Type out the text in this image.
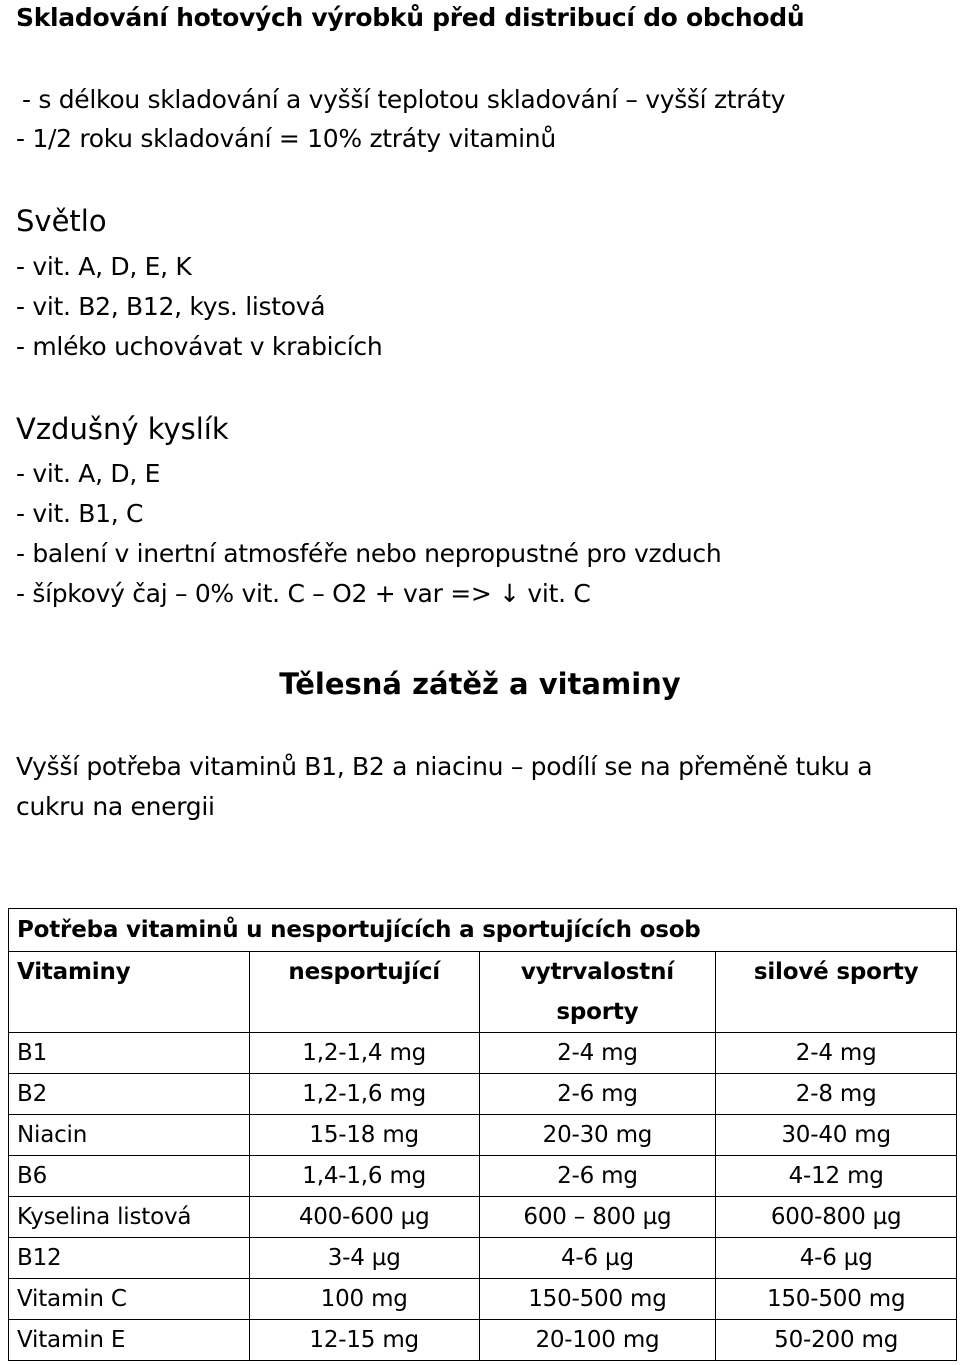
Skladování hotových výrobků před distribucí do obchodů
- s délkou skladování a vyšší teplotou skladování – vyšší ztráty
- 1/2 roku skladování = 10% ztráty vitaminů
Světlo
- vit. A, D, E, K
- vit. B2, B12, kys. listová
- mléko uchovávat v krabicích
Vzdušný kyslík
- vit. A, D, E
- vit. B1, C
- balení v inertní atmosféře nebo nepropustné pro vzduch
- šípkový čaj – 0% vit. C – O2 + var => ↓ vit. C
Tělesná zátěž a vitaminy
Vyšší potřeba vitaminů B1, B2 a niacinu – podílí se na přeměně tuku a
cukru na energii
Potřeba vitaminů u nesportujících a sportujících osob			
Vitaminy	nesportující	vytrvalostní sporty	silové sporty
B1	1,2-1,4 mg	2-4 mg	2-4 mg
B2	1,2-1,6 mg	2-6 mg	2-8 mg
Niacin	15-18 mg	20-30 mg	30-40 mg
B6	1,4-1,6 mg	2-6 mg	4-12 mg
Kyselina listová	400-600 µg	600 – 800 µg	600-800 µg
B12	3-4 µg	4-6 µg	4-6 µg
Vitamin C	100 mg	150-500 mg	150-500 mg
Vitamin E	12-15 mg	20-100 mg	50-200 mg
